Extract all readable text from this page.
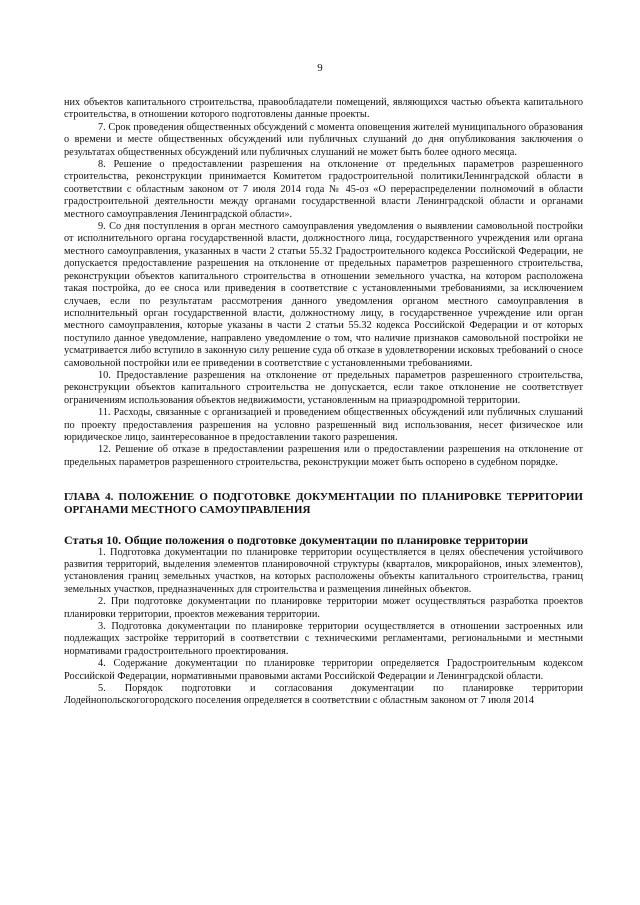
9

них объектов капитального строительства, правообладатели помещений, являющихся частью объекта капитального строительства, в отношении которого подготовлены данные проекты.

7. Срок проведения общественных обсуждений с момента оповещения жителей муниципального образования о времени и месте общественных обсуждений или публичных слушаний до дня опубликования заключения о результатах общественных обсуждений или публичных слушаний не может быть более одного месяца.

8. Решение о предоставлении разрешения на отклонение от предельных параметров разрешенного строительства, реконструкции принимается Комитетом градостроительной политикиЛенинградской области в соответствии с областным законом от 7 июля 2014 года № 45-оз «О перераспределении полномочий в области градостроительной деятельности между органами государственной власти Ленинградской области и органами местного самоуправления Ленинградской области».

9. Со дня поступления в орган местного самоуправления уведомления о выявлении самовольной постройки от исполнительного органа государственной власти, должностного лица, государственного учреждения или органа местного самоуправления, указанных в части 2 статьи 55.32 Градостроительного кодекса Российской Федерации, не допускается предоставление разрешения на отклонение от предельных параметров разрешенного строительства, реконструкции объектов капитального строительства в отношении земельного участка, на котором расположена такая постройка, до ее сноса или приведения в соответствие с установленными требованиями, за исключением случаев, если по результатам рассмотрения данного уведомления органом местного самоуправления в исполнительный орган государственной власти, должностному лицу, в государственное учреждение или орган местного самоуправления, которые указаны в части 2 статьи 55.32 кодекса Российской Федерации и от которых поступило данное уведомление, направлено уведомление о том, что наличие признаков самовольной постройки не усматривается либо вступило в законную силу решение суда об отказе в удовлетворении исковых требований о сносе самовольной постройки или ее приведении в соответствие с установленными требованиями.

10. Предоставление разрешения на отклонение от предельных параметров разрешенного строительства, реконструкции объектов капитального строительства не допускается, если такое отклонение не соответствует ограничениям использования объектов недвижимости, установленным на приаэродромной территории.

11. Расходы, связанные с организацией и проведением общественных обсуждений или публичных слушаний по проекту предоставления разрешения на условно разрешенный вид использования, несет физическое или юридическое лицо, заинтересованное в предоставлении такого разрешения.

12. Решение об отказе в предоставлении разрешения или о предоставлении разрешения на отклонение от предельных параметров разрешенного строительства, реконструкции может быть оспорено в судебном порядке.

ГЛАВА 4. ПОЛОЖЕНИЕ О ПОДГОТОВКЕ ДОКУМЕНТАЦИИ ПО ПЛАНИРОВКЕ ТЕРРИТОРИИ ОРГАНАМИ МЕСТНОГО САМОУПРАВЛЕНИЯ
Статья 10. Общие положения о подготовке документации по планировке территории

1. Подготовка документации по планировке территории осуществляется в целях обеспечения устойчивого развития территорий, выделения элементов планировочной структуры (кварталов, микрорайонов, иных элементов), установления границ земельных участков, на которых расположены объекты капитального строительства, границ земельных участков, предназначенных для строительства и размещения линейных объектов.

2. При подготовке документации по планировке территории может осуществляться разработка проектов планировки территории, проектов межевания территории.

3. Подготовка документации по планировке территории осуществляется в отношении застроенных или подлежащих застройке территорий в соответствии с техническими регламентами, региональными и местными нормативами градостроительного проектирования.

4. Содержание документации по планировке территории определяется Градостроительным кодексом Российской Федерации, нормативными правовыми актами Российской Федерации и Ленинградской области.

5. Порядок подготовки и согласования документации по планировке территории Лодейнопольскогогородского поселения определяется в соответствии с областным законом от 7 июля 2014
